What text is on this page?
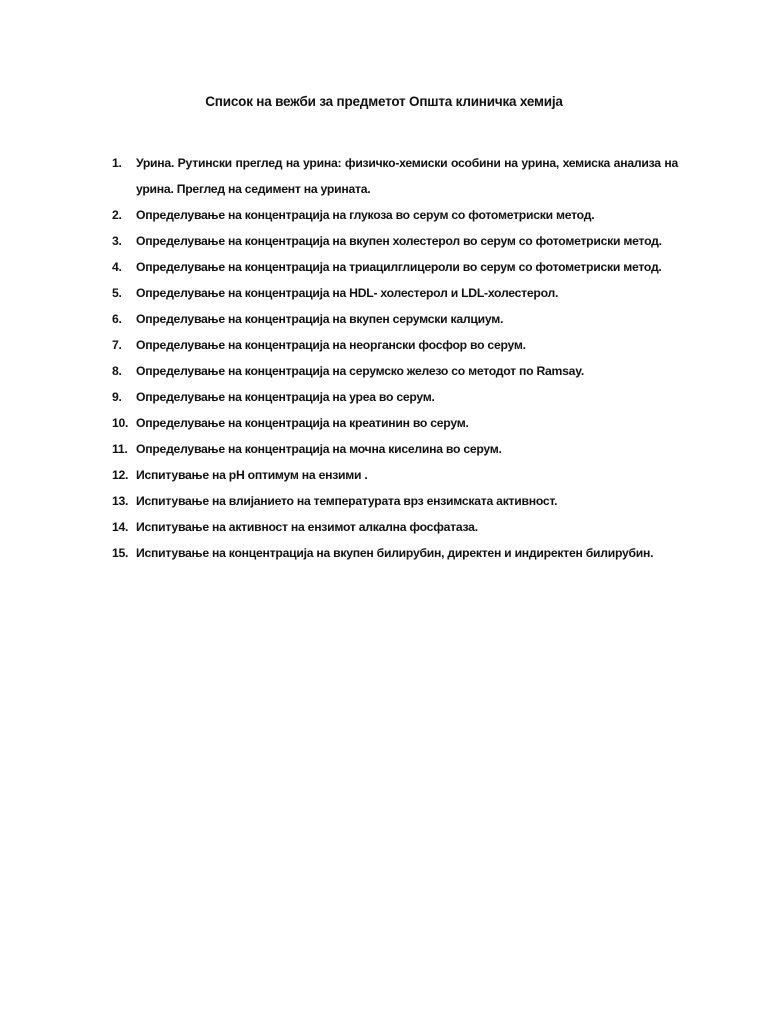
Список на вежби за предметот Општа клиничка хемија
1.	Урина. Рутински преглед на урина: физичко-хемиски особини на урина, хемиска анализа на урина. Преглед на седимент на урината.
2.	Определување на концентрација на глукоза во серум со фотометриски метод.
3.	Определување на концентрација на вкупен холестерол во серум со фотометриски метод.
4.	Определување на концентрација на триацилглицероли во серум со фотометриски метод.
5.	Определување на концентрација на HDL- холестерол и LDL-холестерол.
6.	Определување на концентрација на вкупен серумски калциум.
7.	Определување на концентрација на неоргански фосфор во серум.
8.	Определување на концентрација на серумско железо со методот по Ramsay.
9.	Определување на концентрација на уреа во серум.
10. Определување на концентрација на креатинин во серум.
11. Определување на концентрација на мочна киселина во серум.
12. Испитување на pH оптимум на ензими .
13. Испитување на влијанието на температурата врз ензимската активност.
14. Испитување на активност на ензимот алкална фосфатаза.
15. Испитување на концентрација на вкупен билирубин, директен и индиректен билирубин.
